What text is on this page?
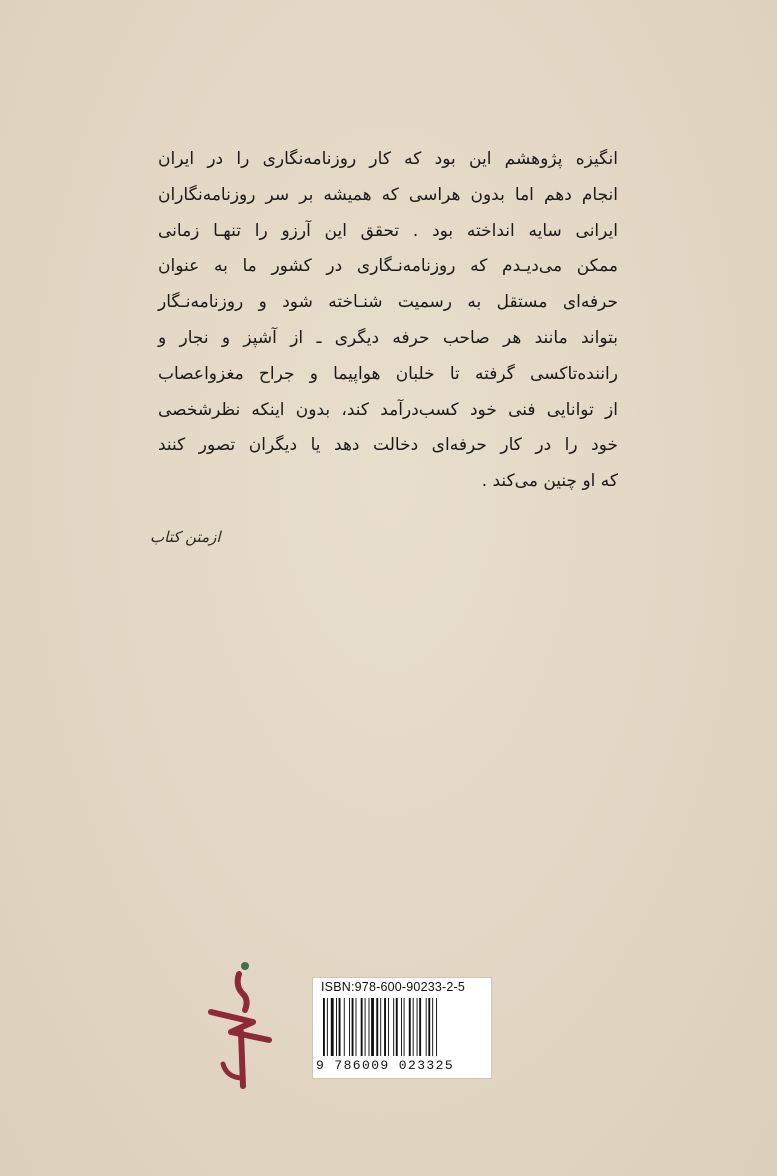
انگیزه پژوهشم این بود که کار روزنامه‌نگاری را در ایران
انجام دهم اما بدون هراسی که همیشه بر سر روزنامه‌نگاران
ایرانی سایه انداخته بود . تحقق این آرزو را تنهـا زمانی
ممکن می‌دیـدم که روزنامه‌نـگاری در کشور ما به عنوان
حرفه‌ای مستقل به رسمیت شنـاخته شود و روزنامه‌نـگار
بتواند مانند هر صاحب حرفه دیگری ـ از آشپز و نجار و
راننده‌تاکسی گرفته تا خلبان هواپیما و جراح مغزواعصاب
از توانایی فنی خود کسب‌درآمد کند، بدون اینکه نظرشخصی
خود را در کار حرفه‌ای دخالت دهد یا دیگران تصور کنند
که او چنین می‌کند .
ازمتن کتاب
ISBN:978-600-90233-2-5
9 786009 023325
